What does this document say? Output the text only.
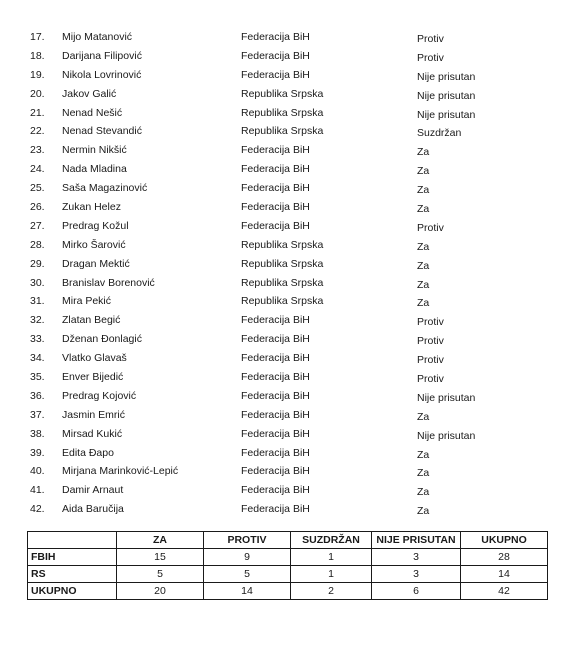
17. Mijo Matanović	Federacija BiH	Protiv
18. Darijana Filipović	Federacija BiH	Protiv
19. Nikola Lovrinović	Federacija BiH	Nije prisutan
20. Jakov Galić	Republika Srpska	Nije prisutan
21. Nenad Nešić	Republika Srpska	Nije prisutan
22. Nenad Stevandić	Republika Srpska	Suzdržan
23. Nermin Nikšić	Federacija BiH	Za
24. Nada Mladina	Federacija BiH	Za
25. Saša Magazinović	Federacija BiH	Za
26. Zukan Helez	Federacija BiH	Za
27. Predrag Kožul	Federacija BiH	Protiv
28. Mirko Šarović	Republika Srpska	Za
29. Dragan Mektić	Republika Srpska	Za
30. Branislav Borenović	Republika Srpska	Za
31. Mira Pekić	Republika Srpska	Za
32. Zlatan Begić	Federacija BiH	Protiv
33. Dženan Đonlagić	Federacija BiH	Protiv
34. Vlatko Glavaš	Federacija BiH	Protiv
35. Enver Bijedić	Federacija BiH	Protiv
36. Predrag Kojović	Federacija BiH	Nije prisutan
37. Jasmin Emrić	Federacija BiH	Za
38. Mirsad Kukić	Federacija BiH	Nije prisutan
39. Edita Đapo	Federacija BiH	Za
40. Mirjana Marinković-Lepić	Federacija BiH	Za
41. Damir Arnaut	Federacija BiH	Za
42. Aida Baručija	Federacija BiH	Za
	ZA	PROTIV	SUZDRŽAN	NIJE PRISUTAN	UKUPNO
FBIH	15	9	1	3	28
RS	5	5	1	3	14
UKUPNO	20	14	2	6	42
